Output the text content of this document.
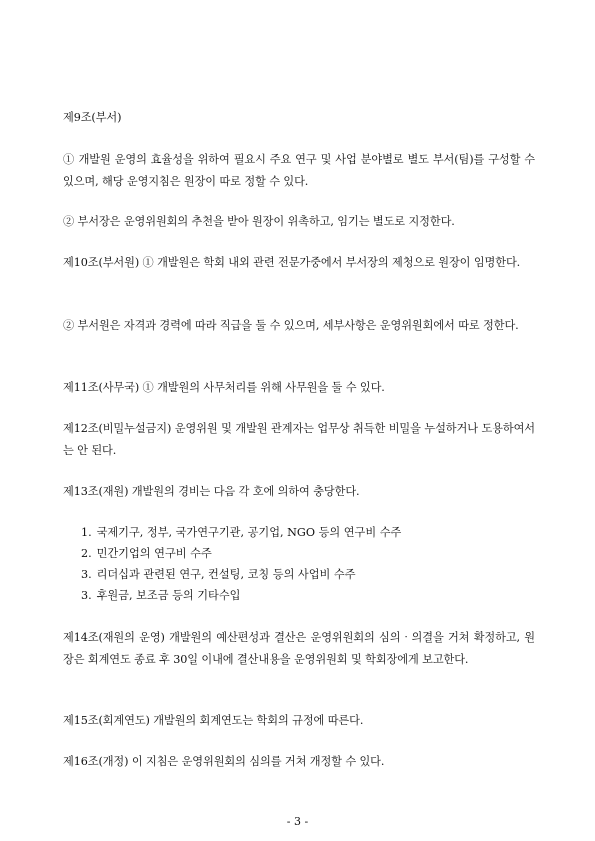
제9조(부서)
① 개발원 운영의 효율성을 위하여 필요시 주요 연구 및 사업 분야별로 별도 부서(팀)를 구성할 수 있으며, 해당 운영지침은 원장이 따로 정할 수 있다.
② 부서장은 운영위원회의 추천을 받아 원장이 위촉하고, 임기는 별도로 지정한다.
제10조(부서원) ① 개발원은 학회 내외 관련 전문가중에서 부서장의 제청으로 원장이 임명한다.
② 부서원은 자격과 경력에 따라 직급을 둘 수 있으며, 세부사항은 운영위원회에서 따로 정한다.
제11조(사무국) ① 개발원의 사무처리를 위해 사무원을 둘 수 있다.
제12조(비밀누설금지) 운영위원 및 개발원 관계자는 업무상 취득한 비밀을 누설하거나 도용하여서는 안 된다.
제13조(재원) 개발원의 경비는 다음 각 호에 의하여 충당한다.
1. 국제기구, 정부, 국가연구기관, 공기업, NGO 등의 연구비 수주
2. 민간기업의 연구비 수주
3. 리더십과 관련된 연구, 컨설팅, 코칭 등의 사업비 수주
3. 후원금, 보조금 등의 기타수입
제14조(재원의 운영) 개발원의 예산편성과 결산은 운영위원회의 심의‧의결을 거쳐 확정하고, 원장은 회계연도 종료 후 30일 이내에 결산내용을 운영위원회 및 학회장에게 보고한다.
제15조(회계연도) 개발원의 회계연도는 학회의 규정에 따른다.
제16조(개정) 이 지침은 운영위원회의 심의를 거쳐 개정할 수 있다.
- 3 -
